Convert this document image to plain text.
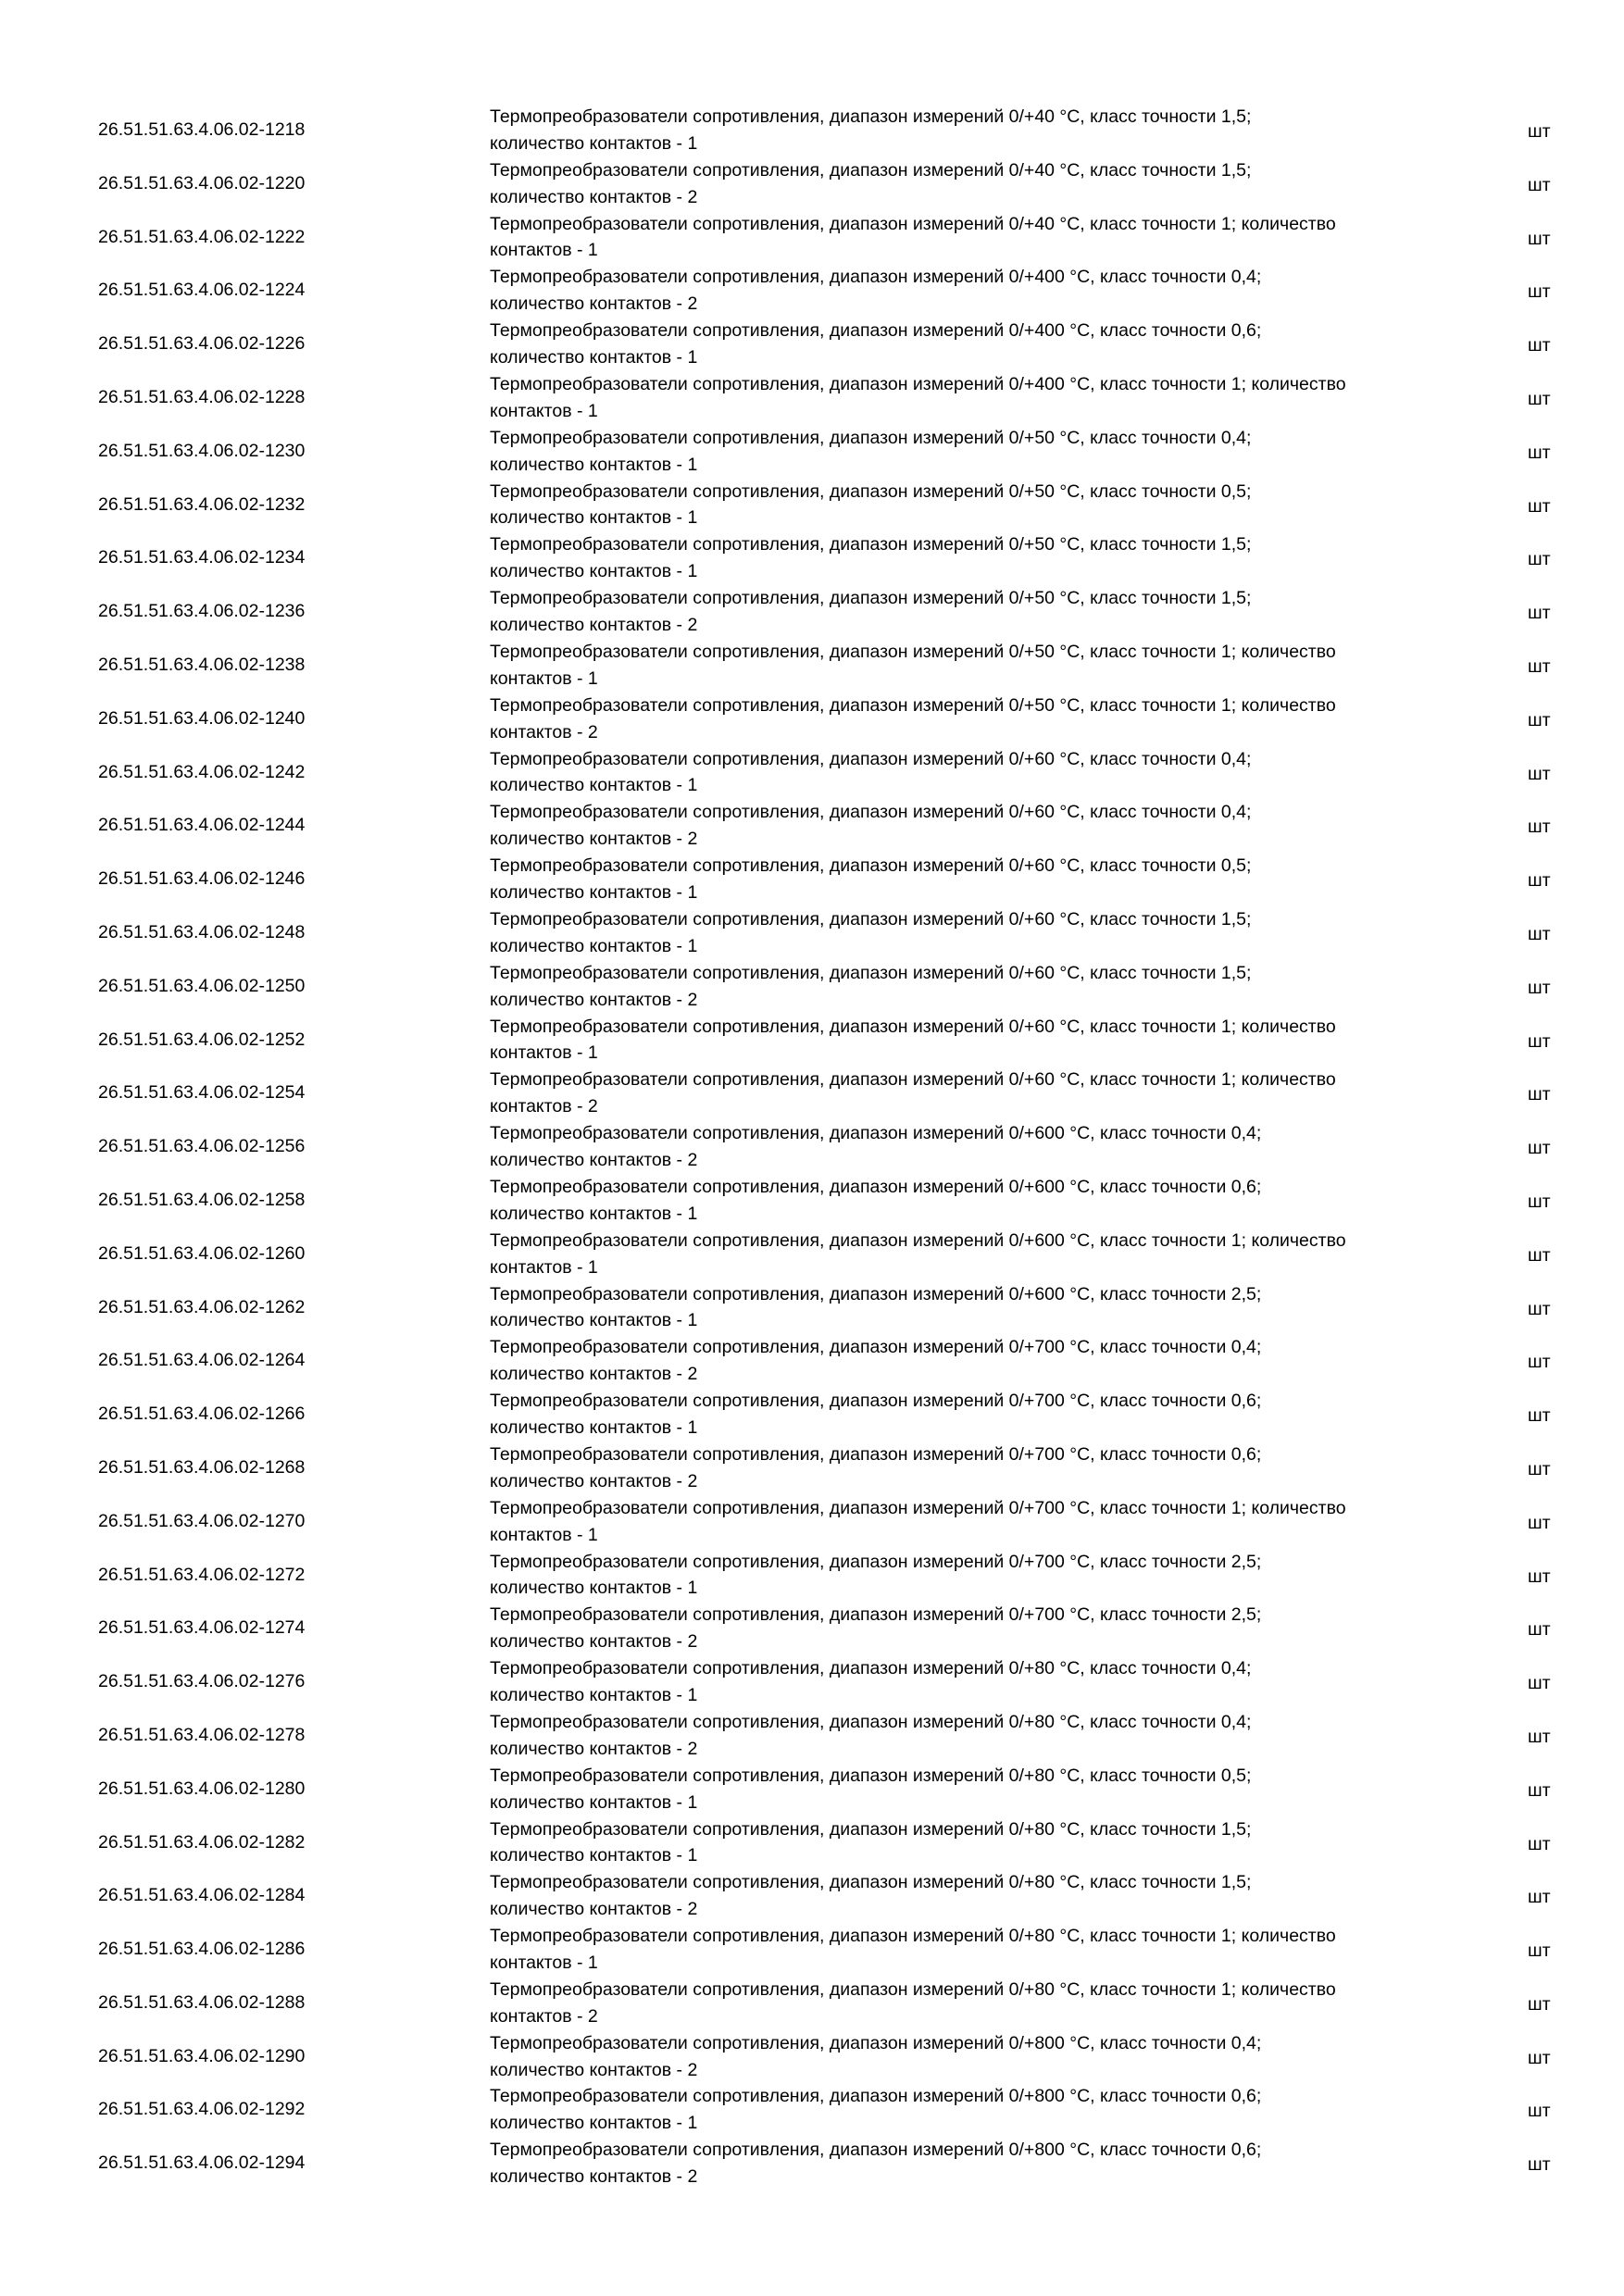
26.51.51.63.4.06.02-1218
Термопреобразователи сопротивления, диапазон измерений 0/+40 °С, класс точности 1,5;
количество контактов - 1
шт
26.51.51.63.4.06.02-1220
Термопреобразователи сопротивления, диапазон измерений 0/+40 °С, класс точности 1,5;
количество контактов - 2
шт
26.51.51.63.4.06.02-1222
Термопреобразователи сопротивления, диапазон измерений 0/+40 °С, класс точности 1; количество
контактов - 1
шт
26.51.51.63.4.06.02-1224
Термопреобразователи сопротивления, диапазон измерений 0/+400 °С, класс точности 0,4;
количество контактов - 2
шт
26.51.51.63.4.06.02-1226
Термопреобразователи сопротивления, диапазон измерений 0/+400 °С, класс точности 0,6;
количество контактов - 1
шт
26.51.51.63.4.06.02-1228
Термопреобразователи сопротивления, диапазон измерений 0/+400 °С, класс точности 1; количество
контактов - 1
шт
26.51.51.63.4.06.02-1230
Термопреобразователи сопротивления, диапазон измерений 0/+50 °С, класс точности 0,4;
количество контактов - 1
шт
26.51.51.63.4.06.02-1232
Термопреобразователи сопротивления, диапазон измерений 0/+50 °С, класс точности 0,5;
количество контактов - 1
шт
26.51.51.63.4.06.02-1234
Термопреобразователи сопротивления, диапазон измерений 0/+50 °С, класс точности 1,5;
количество контактов - 1
шт
26.51.51.63.4.06.02-1236
Термопреобразователи сопротивления, диапазон измерений 0/+50 °С, класс точности 1,5;
количество контактов - 2
шт
26.51.51.63.4.06.02-1238
Термопреобразователи сопротивления, диапазон измерений 0/+50 °С, класс точности 1; количество
контактов - 1
шт
26.51.51.63.4.06.02-1240
Термопреобразователи сопротивления, диапазон измерений 0/+50 °С, класс точности 1; количество
контактов - 2
шт
26.51.51.63.4.06.02-1242
Термопреобразователи сопротивления, диапазон измерений 0/+60 °С, класс точности 0,4;
количество контактов - 1
шт
26.51.51.63.4.06.02-1244
Термопреобразователи сопротивления, диапазон измерений 0/+60 °С, класс точности 0,4;
количество контактов - 2
шт
26.51.51.63.4.06.02-1246
Термопреобразователи сопротивления, диапазон измерений 0/+60 °С, класс точности 0,5;
количество контактов - 1
шт
26.51.51.63.4.06.02-1248
Термопреобразователи сопротивления, диапазон измерений 0/+60 °С, класс точности 1,5;
количество контактов - 1
шт
26.51.51.63.4.06.02-1250
Термопреобразователи сопротивления, диапазон измерений 0/+60 °С, класс точности 1,5;
количество контактов - 2
шт
26.51.51.63.4.06.02-1252
Термопреобразователи сопротивления, диапазон измерений 0/+60 °С, класс точности 1; количество
контактов - 1
шт
26.51.51.63.4.06.02-1254
Термопреобразователи сопротивления, диапазон измерений 0/+60 °С, класс точности 1; количество
контактов - 2
шт
26.51.51.63.4.06.02-1256
Термопреобразователи сопротивления, диапазон измерений 0/+600 °С, класс точности 0,4;
количество контактов - 2
шт
26.51.51.63.4.06.02-1258
Термопреобразователи сопротивления, диапазон измерений 0/+600 °С, класс точности 0,6;
количество контактов - 1
шт
26.51.51.63.4.06.02-1260
Термопреобразователи сопротивления, диапазон измерений 0/+600 °С, класс точности 1; количество
контактов - 1
шт
26.51.51.63.4.06.02-1262
Термопреобразователи сопротивления, диапазон измерений 0/+600 °С, класс точности 2,5;
количество контактов - 1
шт
26.51.51.63.4.06.02-1264
Термопреобразователи сопротивления, диапазон измерений 0/+700 °С, класс точности 0,4;
количество контактов - 2
шт
26.51.51.63.4.06.02-1266
Термопреобразователи сопротивления, диапазон измерений 0/+700 °С, класс точности 0,6;
количество контактов - 1
шт
26.51.51.63.4.06.02-1268
Термопреобразователи сопротивления, диапазон измерений 0/+700 °С, класс точности 0,6;
количество контактов - 2
шт
26.51.51.63.4.06.02-1270
Термопреобразователи сопротивления, диапазон измерений 0/+700 °С, класс точности 1; количество
контактов - 1
шт
26.51.51.63.4.06.02-1272
Термопреобразователи сопротивления, диапазон измерений 0/+700 °С, класс точности 2,5;
количество контактов - 1
шт
26.51.51.63.4.06.02-1274
Термопреобразователи сопротивления, диапазон измерений 0/+700 °С, класс точности 2,5;
количество контактов - 2
шт
26.51.51.63.4.06.02-1276
Термопреобразователи сопротивления, диапазон измерений 0/+80 °С, класс точности 0,4;
количество контактов - 1
шт
26.51.51.63.4.06.02-1278
Термопреобразователи сопротивления, диапазон измерений 0/+80 °С, класс точности 0,4;
количество контактов - 2
шт
26.51.51.63.4.06.02-1280
Термопреобразователи сопротивления, диапазон измерений 0/+80 °С, класс точности 0,5;
количество контактов - 1
шт
26.51.51.63.4.06.02-1282
Термопреобразователи сопротивления, диапазон измерений 0/+80 °С, класс точности 1,5;
количество контактов - 1
шт
26.51.51.63.4.06.02-1284
Термопреобразователи сопротивления, диапазон измерений 0/+80 °С, класс точности 1,5;
количество контактов - 2
шт
26.51.51.63.4.06.02-1286
Термопреобразователи сопротивления, диапазон измерений 0/+80 °С, класс точности 1; количество
контактов - 1
шт
26.51.51.63.4.06.02-1288
Термопреобразователи сопротивления, диапазон измерений 0/+80 °С, класс точности 1; количество
контактов - 2
шт
26.51.51.63.4.06.02-1290
Термопреобразователи сопротивления, диапазон измерений 0/+800 °С, класс точности 0,4;
количество контактов - 2
шт
26.51.51.63.4.06.02-1292
Термопреобразователи сопротивления, диапазон измерений 0/+800 °С, класс точности 0,6;
количество контактов - 1
шт
26.51.51.63.4.06.02-1294
Термопреобразователи сопротивления, диапазон измерений 0/+800 °С, класс точности 0,6;
количество контактов - 2
шт
